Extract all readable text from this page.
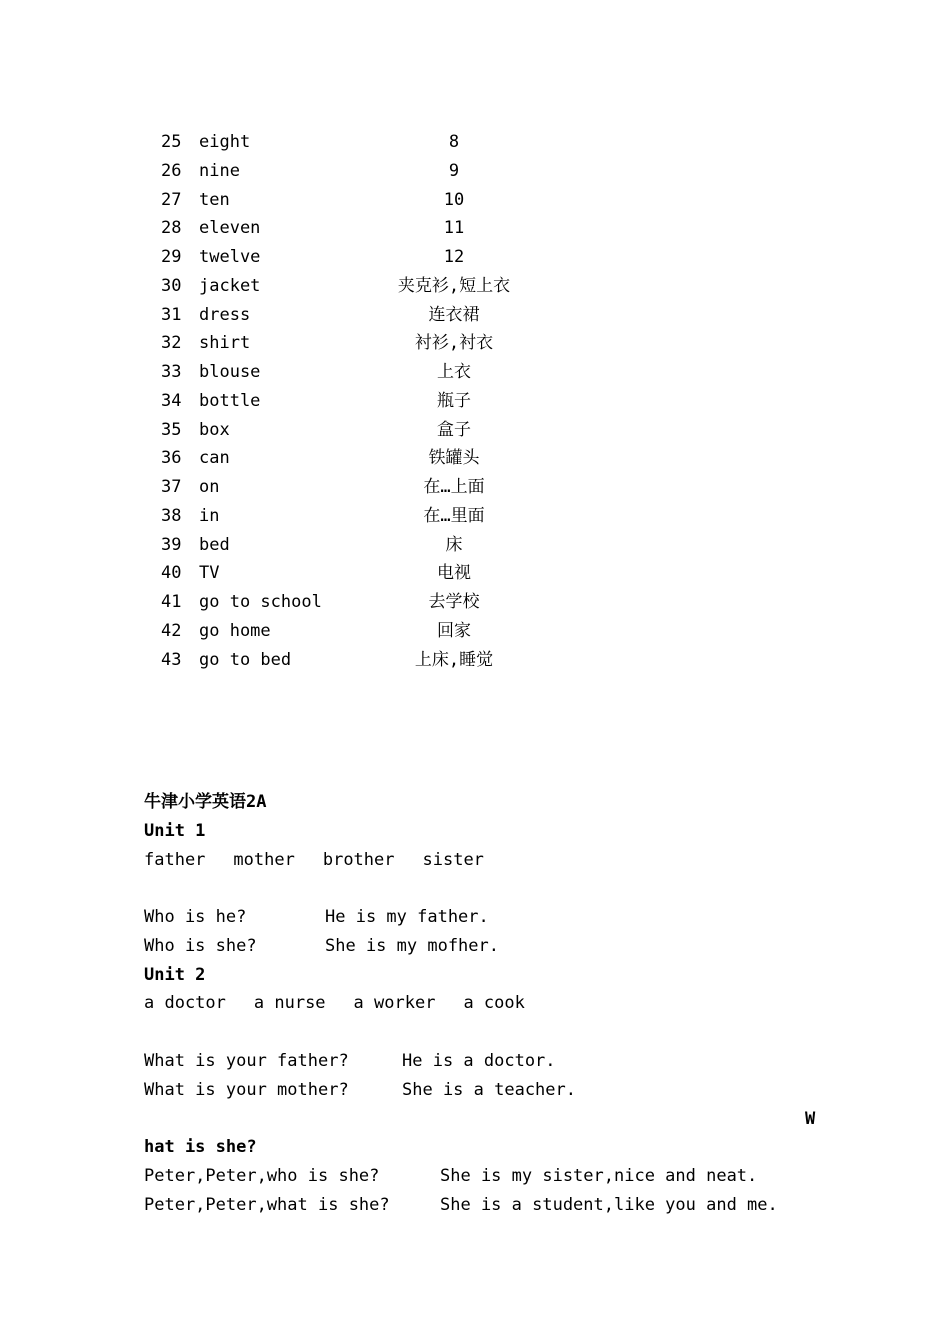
25	eight	8
26	nine	9
27	ten	10
28	eleven	11
29	twelve	12
30	jacket	夹克衫,短上衣
31	dress	连衣裙
32	shirt	衬衫,衬衣
33	blouse	上衣
34	bottle	瓶子
35	box	盒子
36	can	铁罐头
37	on	在…上面
38	in	在…里面
39	bed	床
40	TV	电视
41	go to school	去学校
42	go home	回家
43	go to bed	上床,睡觉
牛津小学英语2A
Unit 1
father mother brother sister
Who is he?	He is my father.
Who is she?	She is my mofher.
Unit 2
a doctor a nurse a worker a cook
What is your father?	He is a doctor.
What is your mother?	She is a teacher.
hat is she?
Peter,Peter,who is she?	She is my sister,nice and neat.
Peter,Peter,what is she?	She is a student,like you and me.
W
